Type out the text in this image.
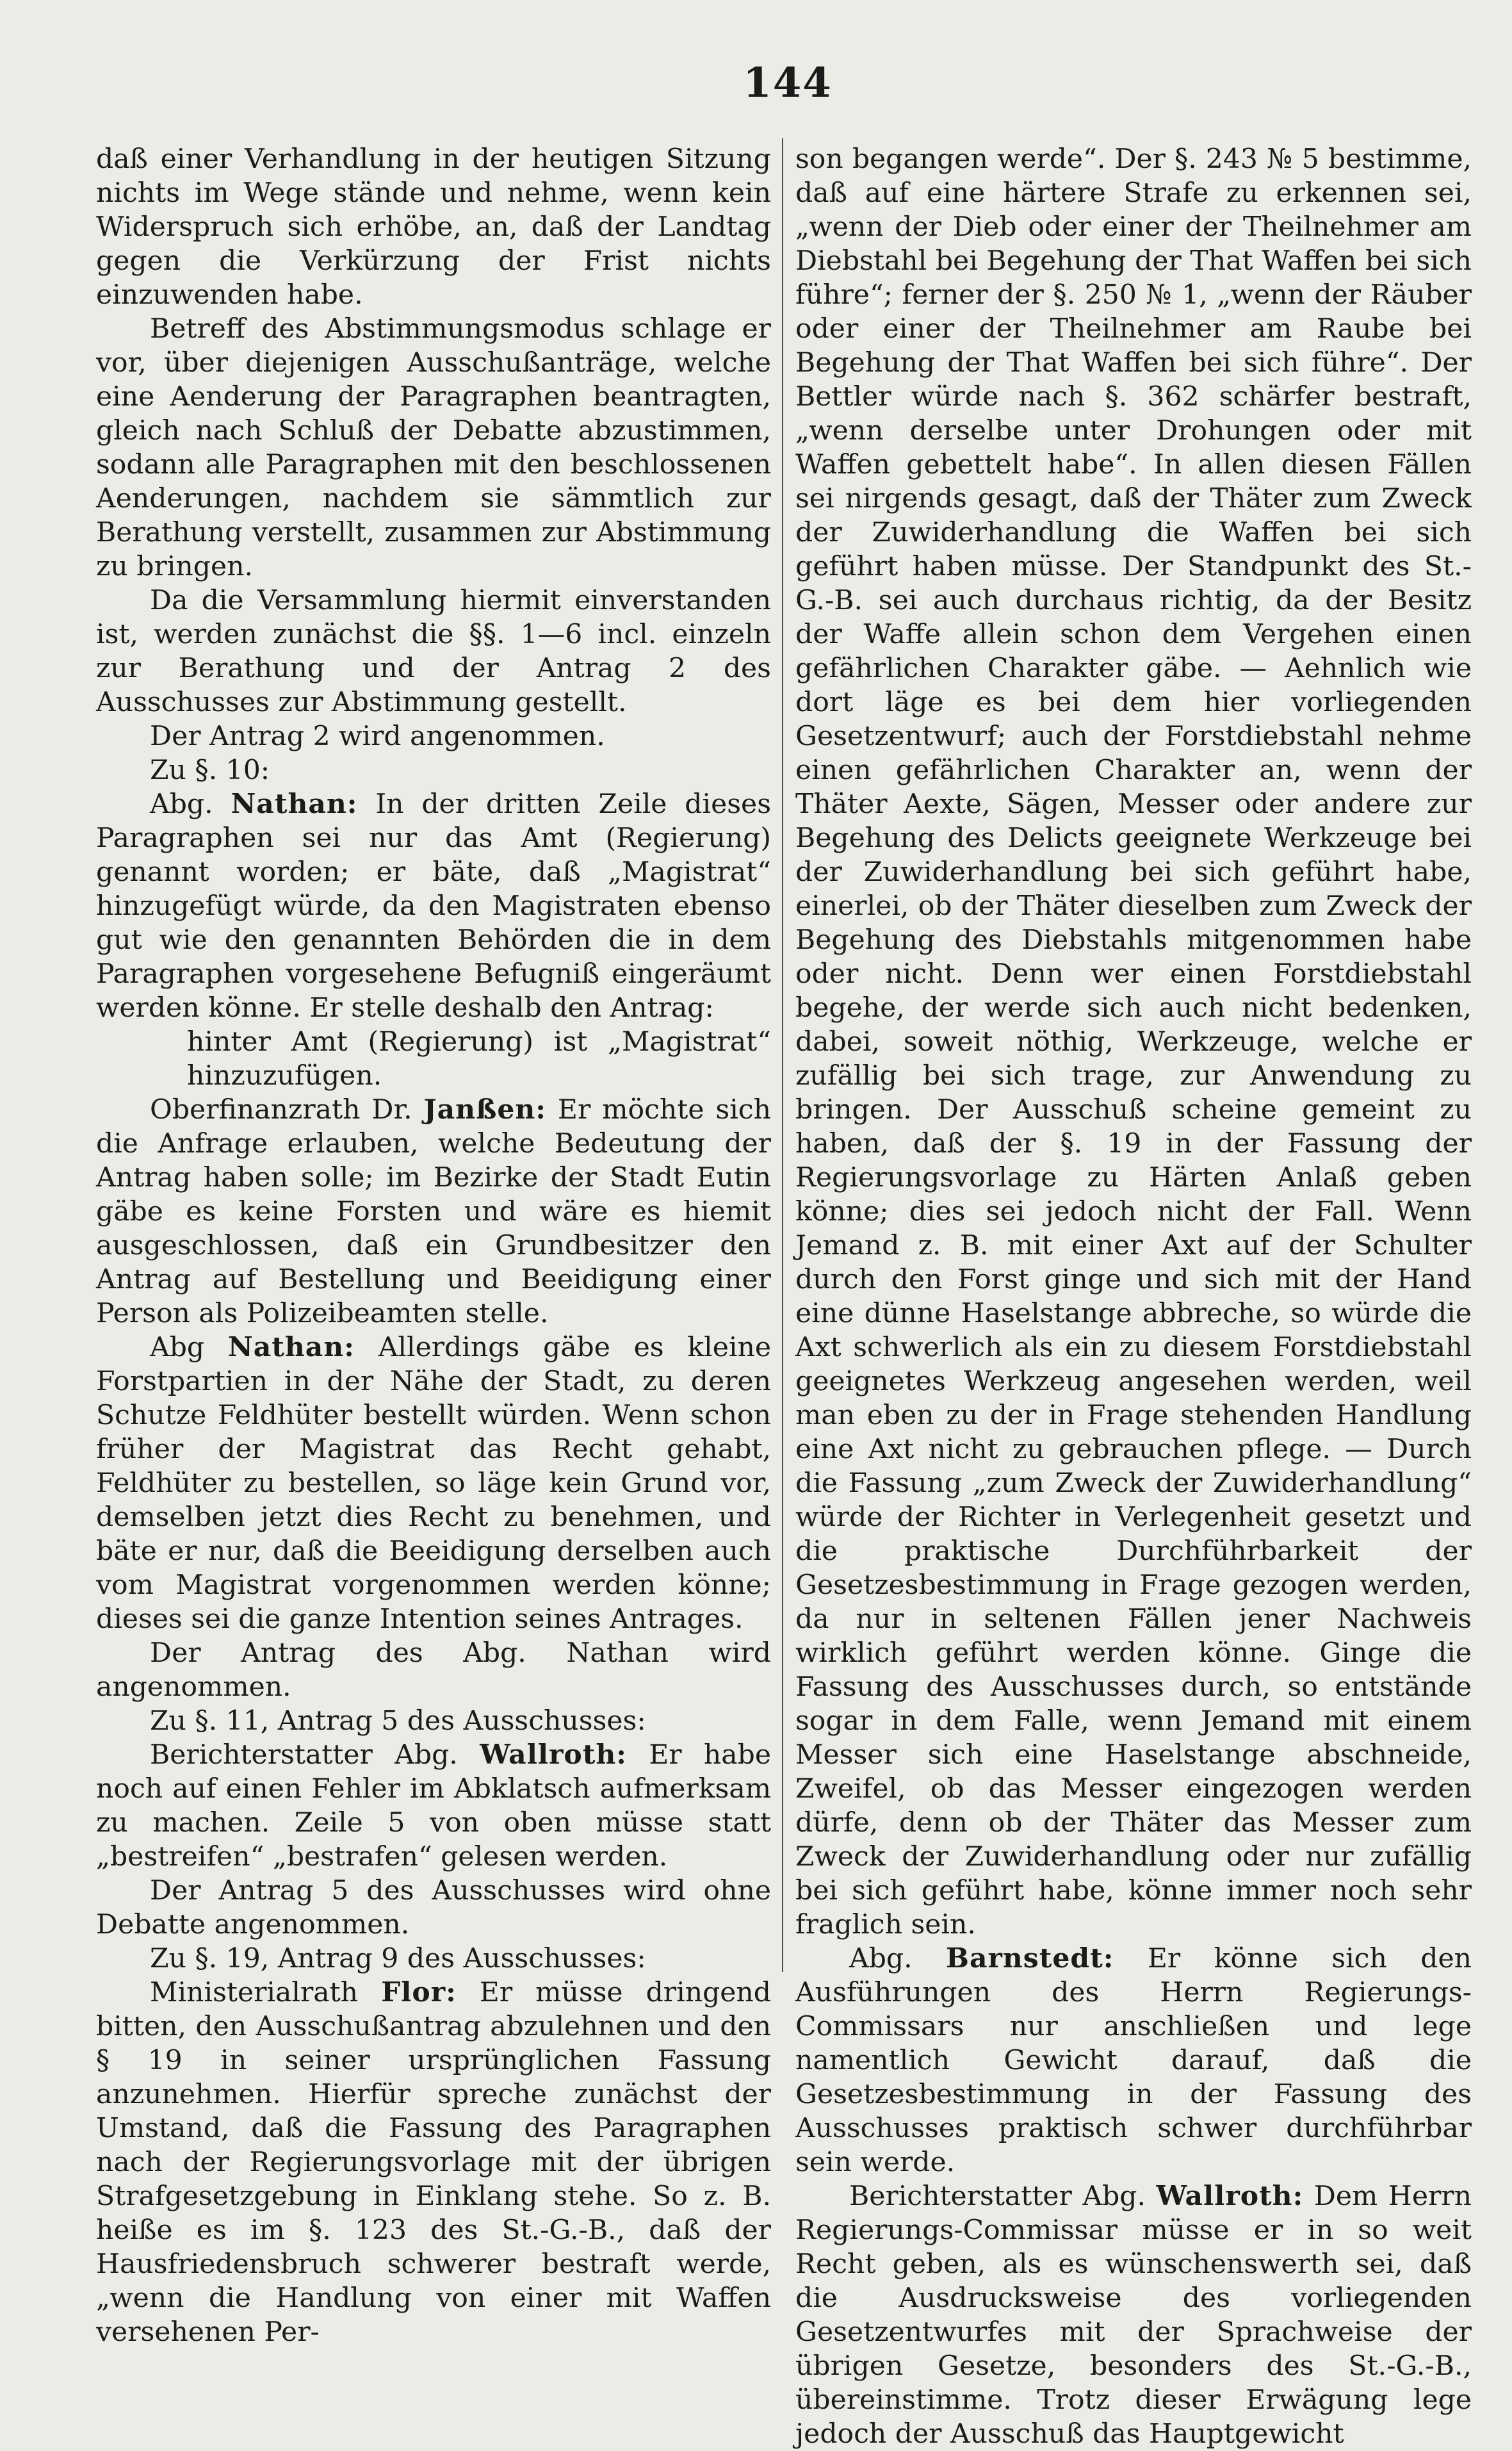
144

daß einer Verhandlung in der heutigen Sitzung nichts im Wege stände und nehme, wenn kein Widerspruch sich erhöbe, an, daß der Landtag gegen die Verkürzung der Frist nichts einzuwenden habe.

Betreff des Abstimmungsmodus schlage er vor, über diejenigen Ausschußanträge, welche eine Aenderung der Paragraphen beantragten, gleich nach Schluß der Debatte abzustimmen, sodann alle Paragraphen mit den beschlossenen Aenderungen, nachdem sie sämmtlich zur Berathung verstellt, zusammen zur Abstimmung zu bringen.

Da die Versammlung hiermit einverstanden ist, werden zunächst die §§. 1—6 incl. einzeln zur Berathung und der Antrag 2 des Ausschusses zur Abstimmung gestellt.

Der Antrag 2 wird angenommen.

Zu §. 10:

Abg. Nathan: In der dritten Zeile dieses Paragraphen sei nur das Amt (Regierung) genannt worden; er bäte, daß „Magistrat“ hinzugefügt würde, da den Magistraten ebenso gut wie den genannten Behörden die in dem Paragraphen vorgesehene Befugniß eingeräumt werden könne. Er stelle deshalb den Antrag:

hinter Amt (Regierung) ist „Magistrat“ hinzuzufügen.

Oberfinanzrath Dr. Janßen: Er möchte sich die Anfrage erlauben, welche Bedeutung der Antrag haben solle; im Bezirke der Stadt Eutin gäbe es keine Forsten und wäre es hiemit ausgeschlossen, daß ein Grundbesitzer den Antrag auf Bestellung und Beeidigung einer Person als Polizeibeamten stelle.

Abg Nathan: Allerdings gäbe es kleine Forstpartien in der Nähe der Stadt, zu deren Schutze Feldhüter bestellt würden. Wenn schon früher der Magistrat das Recht gehabt, Feldhüter zu bestellen, so läge kein Grund vor, demselben jetzt dies Recht zu benehmen, und bäte er nur, daß die Beeidigung derselben auch vom Magistrat vorgenommen werden könne; dieses sei die ganze Intention seines Antrages.

Der Antrag des Abg. Nathan wird angenommen.

Zu §. 11, Antrag 5 des Ausschusses:

Berichterstatter Abg. Wallroth: Er habe noch auf einen Fehler im Abklatsch aufmerksam zu machen. Zeile 5 von oben müsse statt „bestreifen“ „bestrafen“ gelesen werden.

Der Antrag 5 des Ausschusses wird ohne Debatte angenommen.

Zu §. 19, Antrag 9 des Ausschusses:

Ministerialrath Flor: Er müsse dringend bitten, den Ausschußantrag abzulehnen und den § 19 in seiner ursprünglichen Fassung anzunehmen. Hierfür spreche zunächst der Umstand, daß die Fassung des Paragraphen nach der Regierungsvorlage mit der übrigen Strafgesetzgebung in Einklang stehe. So z. B. heiße es im §. 123 des St.-G.-B., daß der Hausfriedensbruch schwerer bestraft werde, „wenn die Handlung von einer mit Waffen versehenen Per-

son begangen werde“. Der §. 243 № 5 bestimme, daß auf eine härtere Strafe zu erkennen sei, „wenn der Dieb oder einer der Theilnehmer am Diebstahl bei Begehung der That Waffen bei sich führe“; ferner der §. 250 № 1, „wenn der Räuber oder einer der Theilnehmer am Raube bei Begehung der That Waffen bei sich führe“. Der Bettler würde nach §. 362 schärfer bestraft, „wenn derselbe unter Drohungen oder mit Waffen gebettelt habe“. In allen diesen Fällen sei nirgends gesagt, daß der Thäter zum Zweck der Zuwiderhandlung die Waffen bei sich geführt haben müsse. Der Standpunkt des St.-G.-B. sei auch durchaus richtig, da der Besitz der Waffe allein schon dem Vergehen einen gefährlichen Charakter gäbe. — Aehnlich wie dort läge es bei dem hier vorliegenden Gesetzentwurf; auch der Forstdiebstahl nehme einen gefährlichen Charakter an, wenn der Thäter Aexte, Sägen, Messer oder andere zur Begehung des Delicts geeignete Werkzeuge bei der Zuwiderhandlung bei sich geführt habe, einerlei, ob der Thäter dieselben zum Zweck der Begehung des Diebstahls mitgenommen habe oder nicht. Denn wer einen Forstdiebstahl begehe, der werde sich auch nicht bedenken, dabei, soweit nöthig, Werkzeuge, welche er zufällig bei sich trage, zur Anwendung zu bringen. Der Ausschuß scheine gemeint zu haben, daß der §. 19 in der Fassung der Regierungsvorlage zu Härten Anlaß geben könne; dies sei jedoch nicht der Fall. Wenn Jemand z. B. mit einer Axt auf der Schulter durch den Forst ginge und sich mit der Hand eine dünne Haselstange abbreche, so würde die Axt schwerlich als ein zu diesem Forstdiebstahl geeignetes Werkzeug angesehen werden, weil man eben zu der in Frage stehenden Handlung eine Axt nicht zu gebrauchen pflege. — Durch die Fassung „zum Zweck der Zuwiderhandlung“ würde der Richter in Verlegenheit gesetzt und die praktische Durchführbarkeit der Gesetzesbestimmung in Frage gezogen werden, da nur in seltenen Fällen jener Nachweis wirklich geführt werden könne. Ginge die Fassung des Ausschusses durch, so entstände sogar in dem Falle, wenn Jemand mit einem Messer sich eine Haselstange abschneide, Zweifel, ob das Messer eingezogen werden dürfe, denn ob der Thäter das Messer zum Zweck der Zuwiderhandlung oder nur zufällig bei sich geführt habe, könne immer noch sehr fraglich sein.

Abg. Barnstedt: Er könne sich den Ausführungen des Herrn Regierungs-Commissars nur anschließen und lege namentlich Gewicht darauf, daß die Gesetzesbestimmung in der Fassung des Ausschusses praktisch schwer durchführbar sein werde.

Berichterstatter Abg. Wallroth: Dem Herrn Regierungs-Commissar müsse er in so weit Recht geben, als es wünschenswerth sei, daß die Ausdrucksweise des vorliegenden Gesetzentwurfes mit der Sprachweise der übrigen Gesetze, besonders des St.-G.-B., übereinstimme. Trotz dieser Erwägung lege jedoch der Ausschuß das Hauptgewicht
